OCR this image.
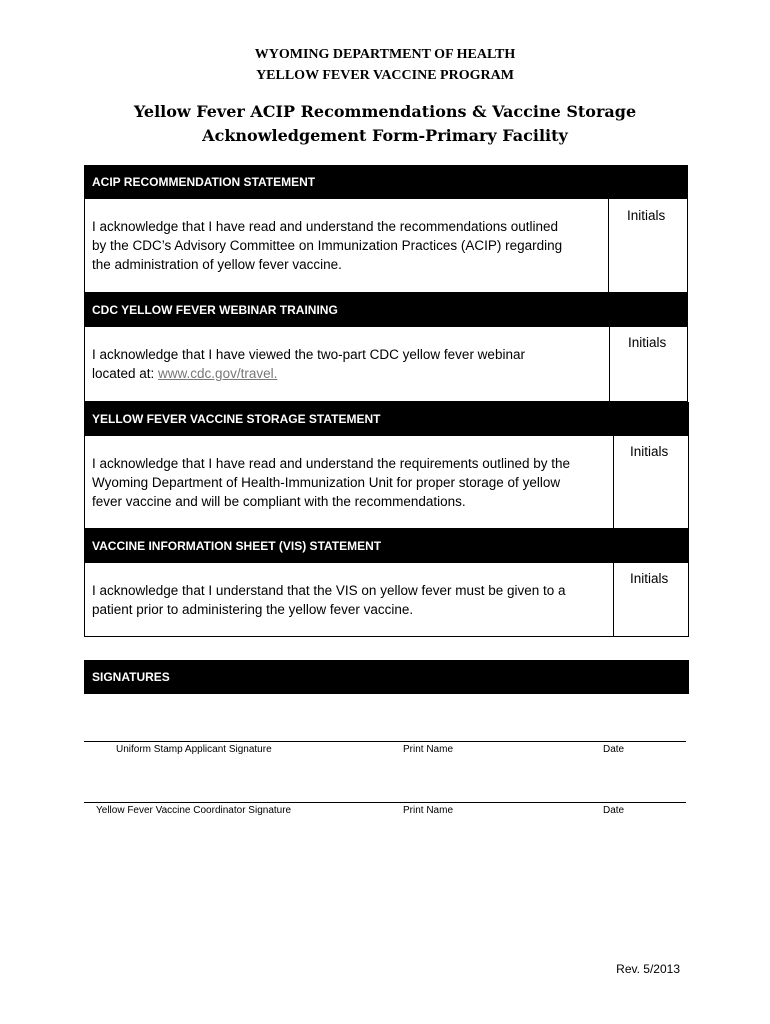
WYOMING DEPARTMENT OF HEALTH
YELLOW FEVER VACCINE PROGRAM
Yellow Fever ACIP Recommendations & Vaccine Storage
Acknowledgement Form-Primary Facility
ACIP RECOMMENDATION STATEMENT
I acknowledge that I have read and understand the recommendations outlined
by the CDC’s Advisory Committee on Immunization Practices (ACIP) regarding
the administration of yellow fever vaccine.
Initials
CDC YELLOW FEVER WEBINAR TRAINING
I acknowledge that I have viewed the two-part CDC yellow fever webinar
located at: www.cdc.gov/travel.
Initials
YELLOW FEVER VACCINE STORAGE STATEMENT
I acknowledge that I have read and understand the requirements outlined by the
Wyoming Department of Health-Immunization Unit for proper storage of yellow
fever vaccine and will be compliant with the recommendations.
Initials
VACCINE INFORMATION SHEET (VIS) STATEMENT
I acknowledge that I understand that the VIS on yellow fever must be given to a
patient prior to administering the yellow fever vaccine.
Initials
SIGNATURES
Uniform Stamp Applicant Signature	Print Name	Date
Yellow Fever Vaccine Coordinator Signature	Print Name	Date
Rev. 5/2013
